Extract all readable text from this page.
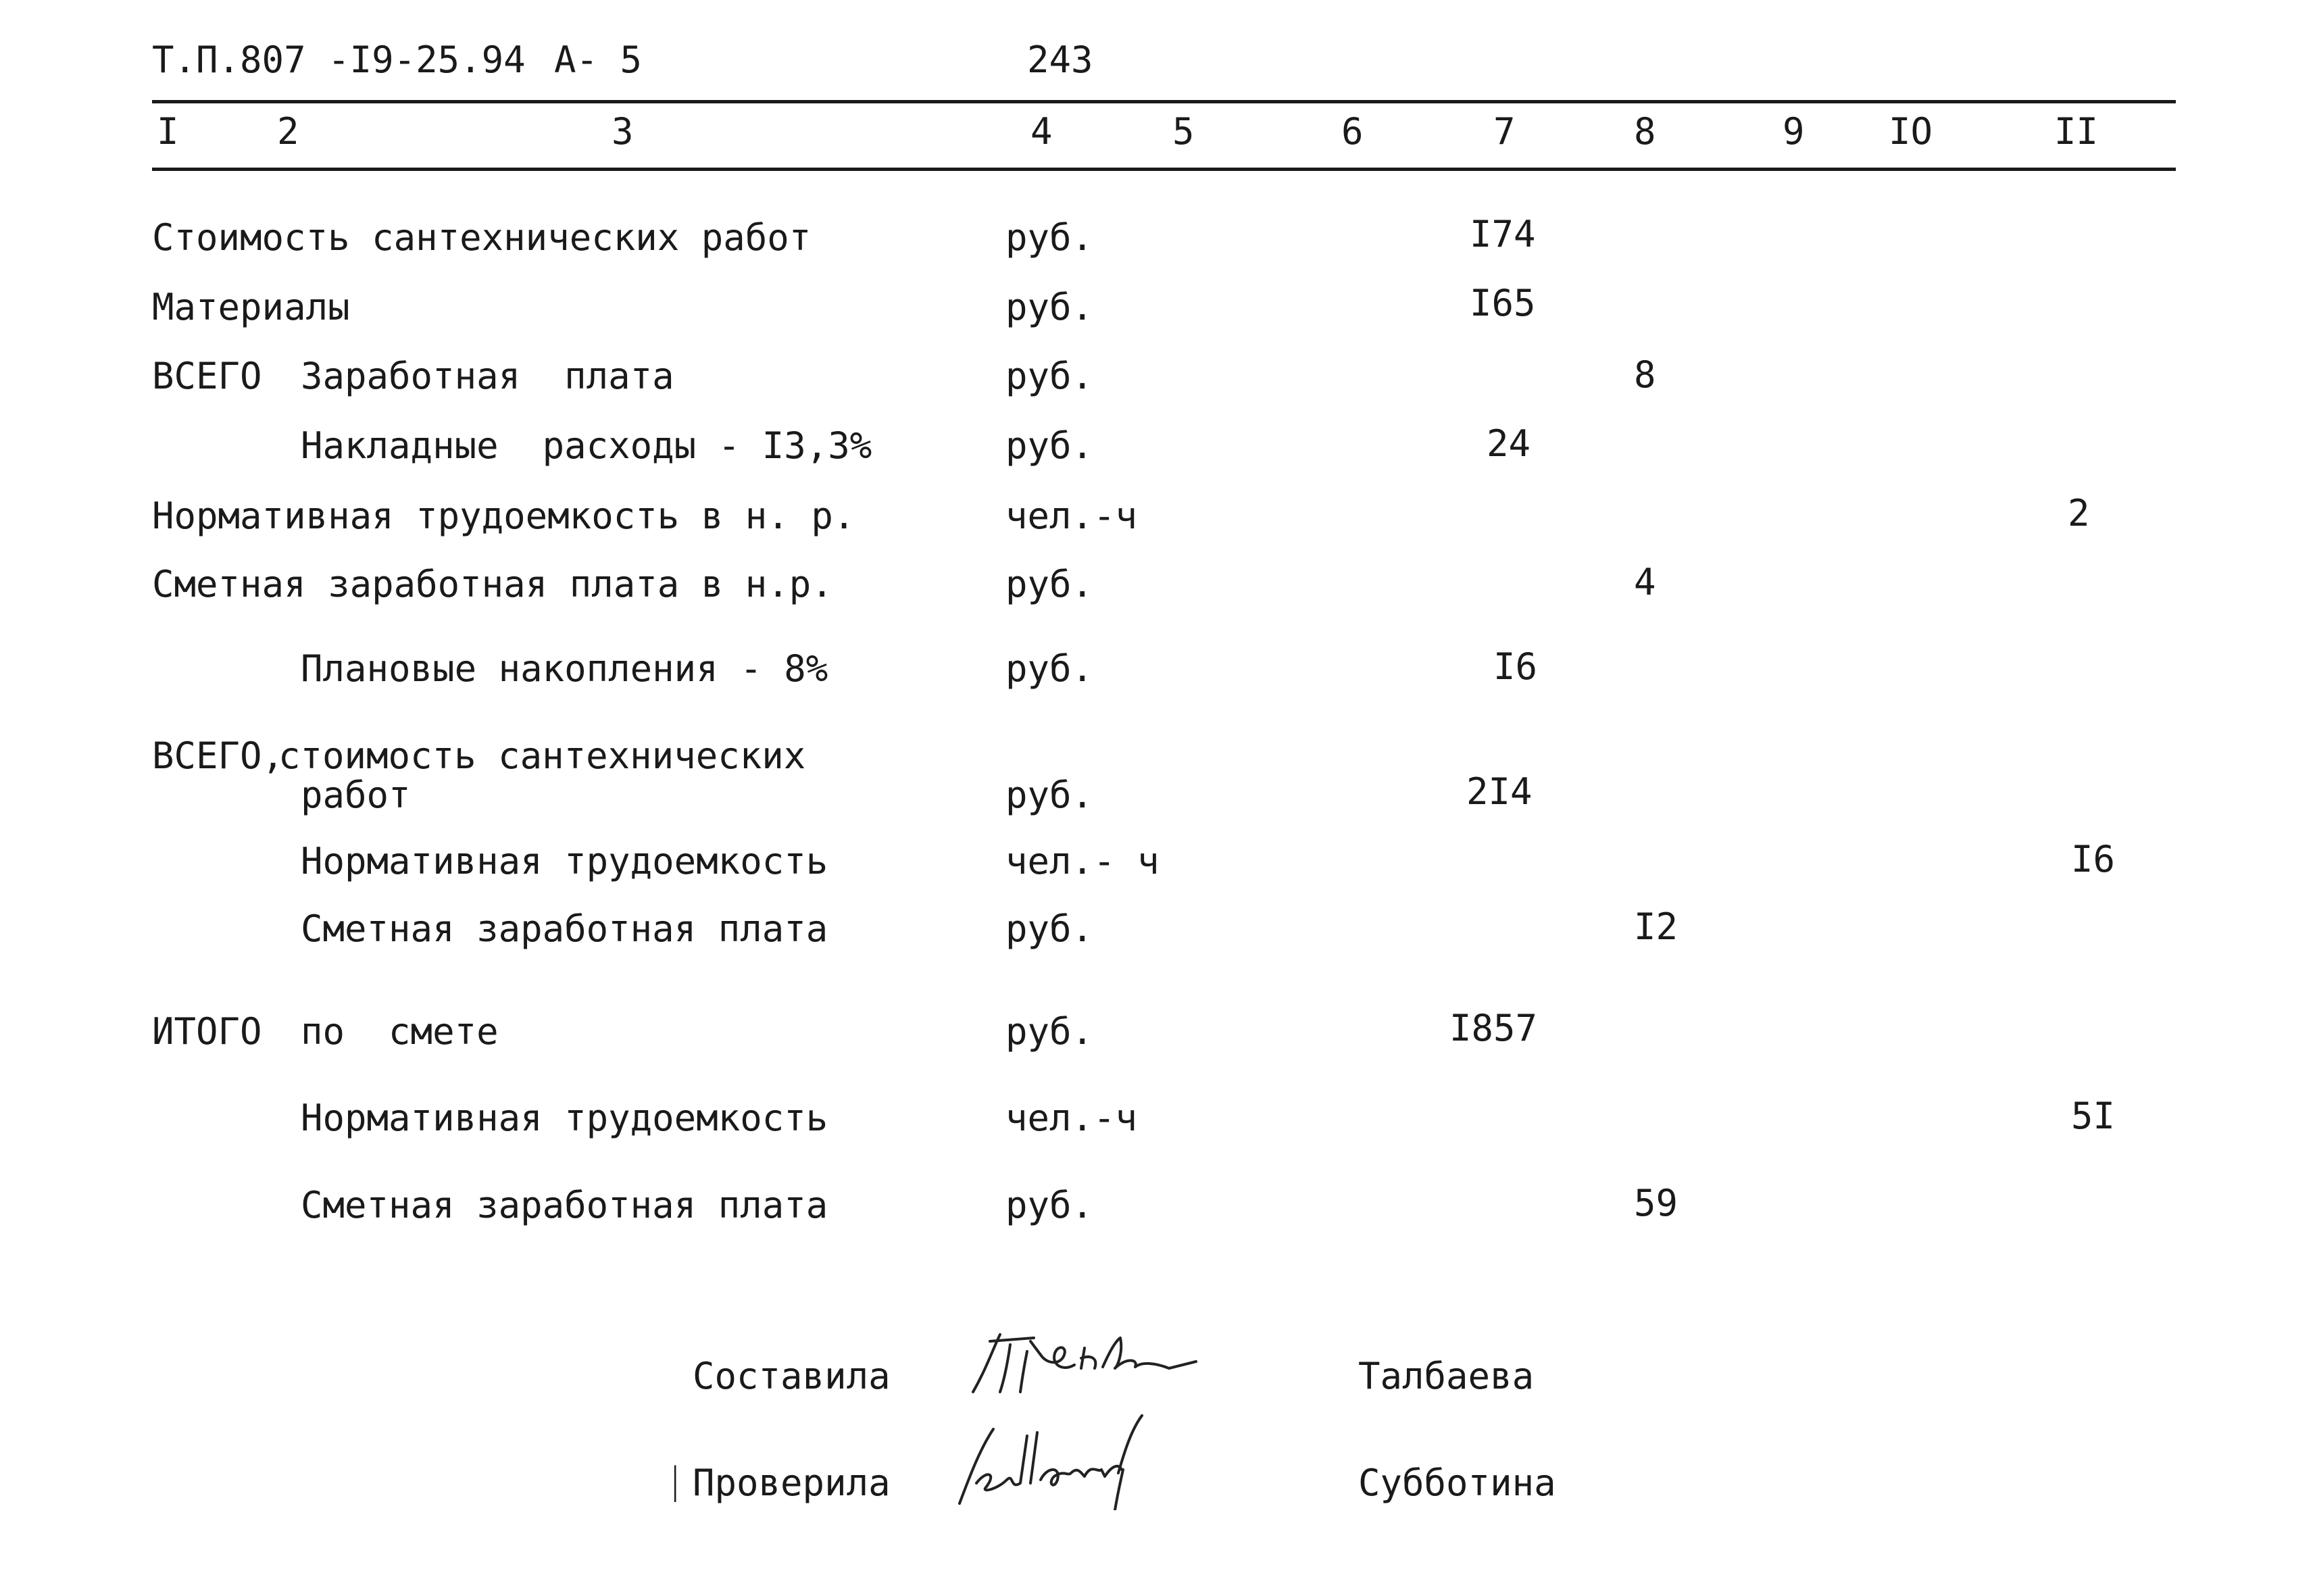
Т.П.807 -I9-25.94 А- 5	243
I	2	3	4	5	6	7	8	9 IO	II
Стоимость сантехнических работ	руб.	I74
Материалы	руб.	I65
ВСЕГО Заработная  плата	руб.	8
Накладные  расходы - I3,3%	руб.	24
Нормативная трудоемкость в н. р.	чел.-ч	2
Сметная заработная плата в н.р.	руб.	4
Плановые накопления - 8%	руб.	I6
ВСЕГО,
стоимость сантехнических
работ	руб.	2I4
Нормативная трудоемкость	чел.- ч	I6
Сметная заработная плата	руб.	I2
ИТОГО по  смете	руб.	I857
Нормативная трудоемкость	чел.-ч	5I
Сметная заработная плата	руб.	59
Составила	Талбаева
| Проверила	Субботина
